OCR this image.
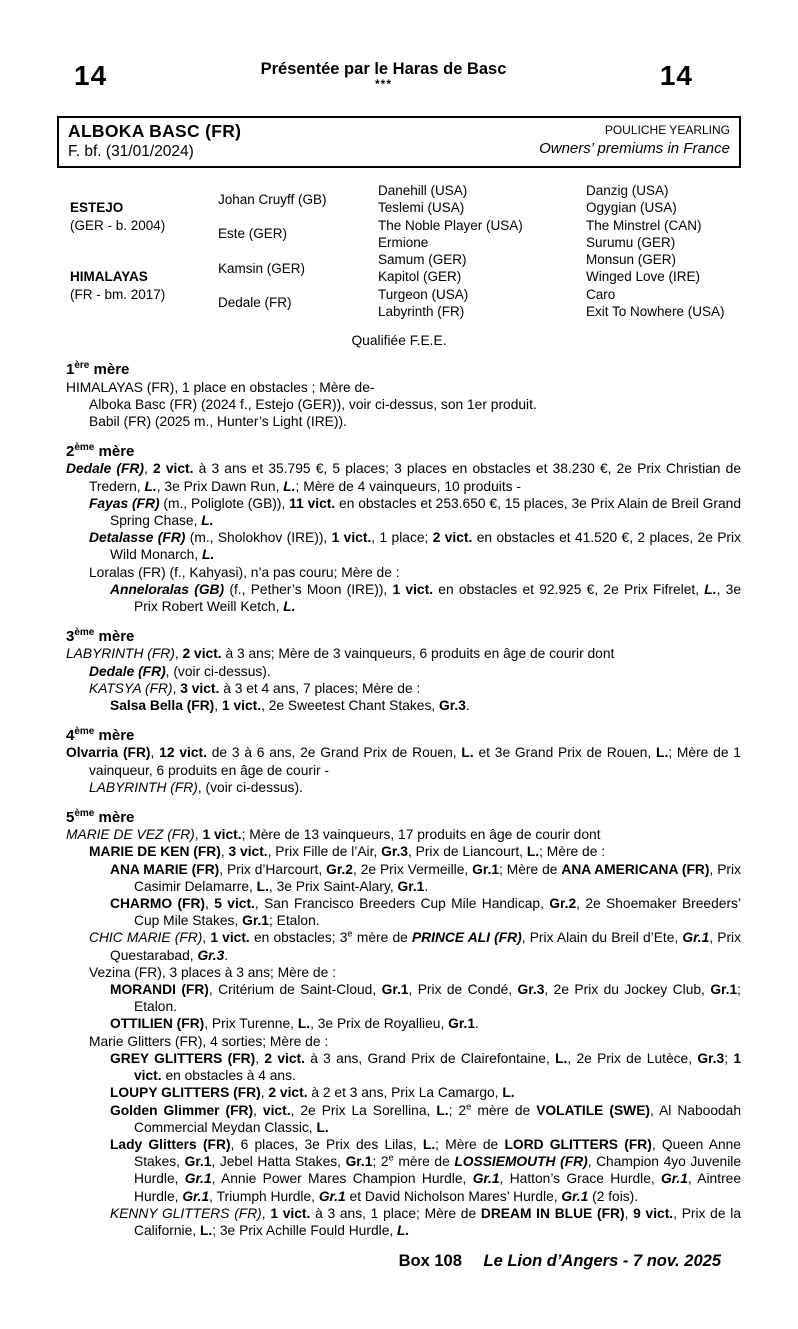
14	Présentée par le Haras de Basc
***	14
ALBOKA BASC (FR)
F. bf. (31/01/2024)
POULICHE YEARLING
Owners’ premiums in France
ESTEJO
(GER - b. 2004)
HIMALAYAS
(FR - bm. 2017)
Johan Cruyff (GB)
Este (GER)
Kamsin (GER)
Dedale (FR)
Danehill (USA)
Teslemi (USA)
The Noble Player (USA)
Ermione
Samum (GER)
Kapitol (GER)
Turgeon (USA)
Labyrinth (FR)
Danzig (USA)
Ogygian (USA)
The Minstrel (CAN)
Surumu (GER)
Monsun (GER)
Winged Love (IRE)
Caro
Exit To Nowhere (USA)
Qualifiée F.E.E.
1ère mère
HIMALAYAS (FR), 1 place en obstacles ; Mère de-
Alboka Basc (FR) (2024 f., Estejo (GER)), voir ci-dessus, son 1er produit.
Babil (FR) (2025 m., Hunter’s Light (IRE)).
2ème mère
Dedale (FR), 2 vict. à 3 ans et 35.795 €, 5 places; 3 places en obstacles et 38.230 €, 2e Prix Christian de Tredern, L., 3e Prix Dawn Run, L.; Mère de 4 vainqueurs, 10 produits -
Fayas (FR) (m., Poliglote (GB)), 11 vict. en obstacles et 253.650 €, 15 places, 3e Prix Alain de Breil Grand Spring Chase, L.
Detalasse (FR) (m., Sholokhov (IRE)), 1 vict., 1 place; 2 vict. en obstacles et 41.520 €, 2 places, 2e Prix Wild Monarch, L.
Loralas (FR) (f., Kahyasi), n’a pas couru; Mère de :
Anneloralas (GB) (f., Pether’s Moon (IRE)), 1 vict. en obstacles et 92.925 €, 2e Prix Fifrelet, L., 3e Prix Robert Weill Ketch, L.
3ème mère
LABYRINTH (FR), 2 vict. à 3 ans; Mère de 3 vainqueurs, 6 produits en âge de courir dont
Dedale (FR), (voir ci-dessus).
KATSYA (FR), 3 vict. à 3 et 4 ans, 7 places; Mère de :
Salsa Bella (FR), 1 vict., 2e Sweetest Chant Stakes, Gr.3.
4ème mère
Olvarria (FR), 12 vict. de 3 à 6 ans, 2e Grand Prix de Rouen, L. et 3e Grand Prix de Rouen, L.; Mère de 1 vainqueur, 6 produits en âge de courir -
LABYRINTH (FR), (voir ci-dessus).
5ème mère
MARIE DE VEZ (FR), 1 vict.; Mère de 13 vainqueurs, 17 produits en âge de courir dont
MARIE DE KEN (FR), 3 vict., Prix Fille de l’Air, Gr.3, Prix de Liancourt, L.; Mère de :
ANA MARIE (FR), Prix d’Harcourt, Gr.2, 2e Prix Vermeille, Gr.1; Mère de ANA AMERICANA (FR), Prix Casimir Delamarre, L., 3e Prix Saint-Alary, Gr.1.
CHARMO (FR), 5 vict., San Francisco Breeders Cup Mile Handicap, Gr.2, 2e Shoemaker Breeders’ Cup Mile Stakes, Gr.1; Etalon.
CHIC MARIE (FR), 1 vict. en obstacles; 3e mère de PRINCE ALI (FR), Prix Alain du Breil d’Ete, Gr.1, Prix Questarabad, Gr.3.
Vezina (FR), 3 places à 3 ans; Mère de :
MORANDI (FR), Critérium de Saint-Cloud, Gr.1, Prix de Condé, Gr.3, 2e Prix du Jockey Club, Gr.1; Etalon.
OTTILIEN (FR), Prix Turenne, L., 3e Prix de Royallieu, Gr.1.
Marie Glitters (FR), 4 sorties; Mère de :
GREY GLITTERS (FR), 2 vict. à 3 ans, Grand Prix de Clairefontaine, L., 2e Prix de Lutèce, Gr.3; 1 vict. en obstacles à 4 ans.
LOUPY GLITTERS (FR), 2 vict. à 2 et 3 ans, Prix La Camargo, L.
Golden Glimmer (FR), vict., 2e Prix La Sorellina, L.; 2e mère de VOLATILE (SWE), Al Naboodah Commercial Meydan Classic, L.
Lady Glitters (FR), 6 places, 3e Prix des Lilas, L.; Mère de LORD GLITTERS (FR), Queen Anne Stakes, Gr.1, Jebel Hatta Stakes, Gr.1; 2e mère de LOSSIEMOUTH (FR), Champion 4yo Juvenile Hurdle, Gr.1, Annie Power Mares Champion Hurdle, Gr.1, Hatton’s Grace Hurdle, Gr.1, Aintree Hurdle, Gr.1, Triumph Hurdle, Gr.1 et David Nicholson Mares’ Hurdle, Gr.1 (2 fois).
KENNY GLITTERS (FR), 1 vict. à 3 ans, 1 place; Mère de DREAM IN BLUE (FR), 9 vict., Prix de la Californie, L.; 3e Prix Achille Fould Hurdle, L.
Box 108 Le Lion d’Angers - 7 nov. 2025
